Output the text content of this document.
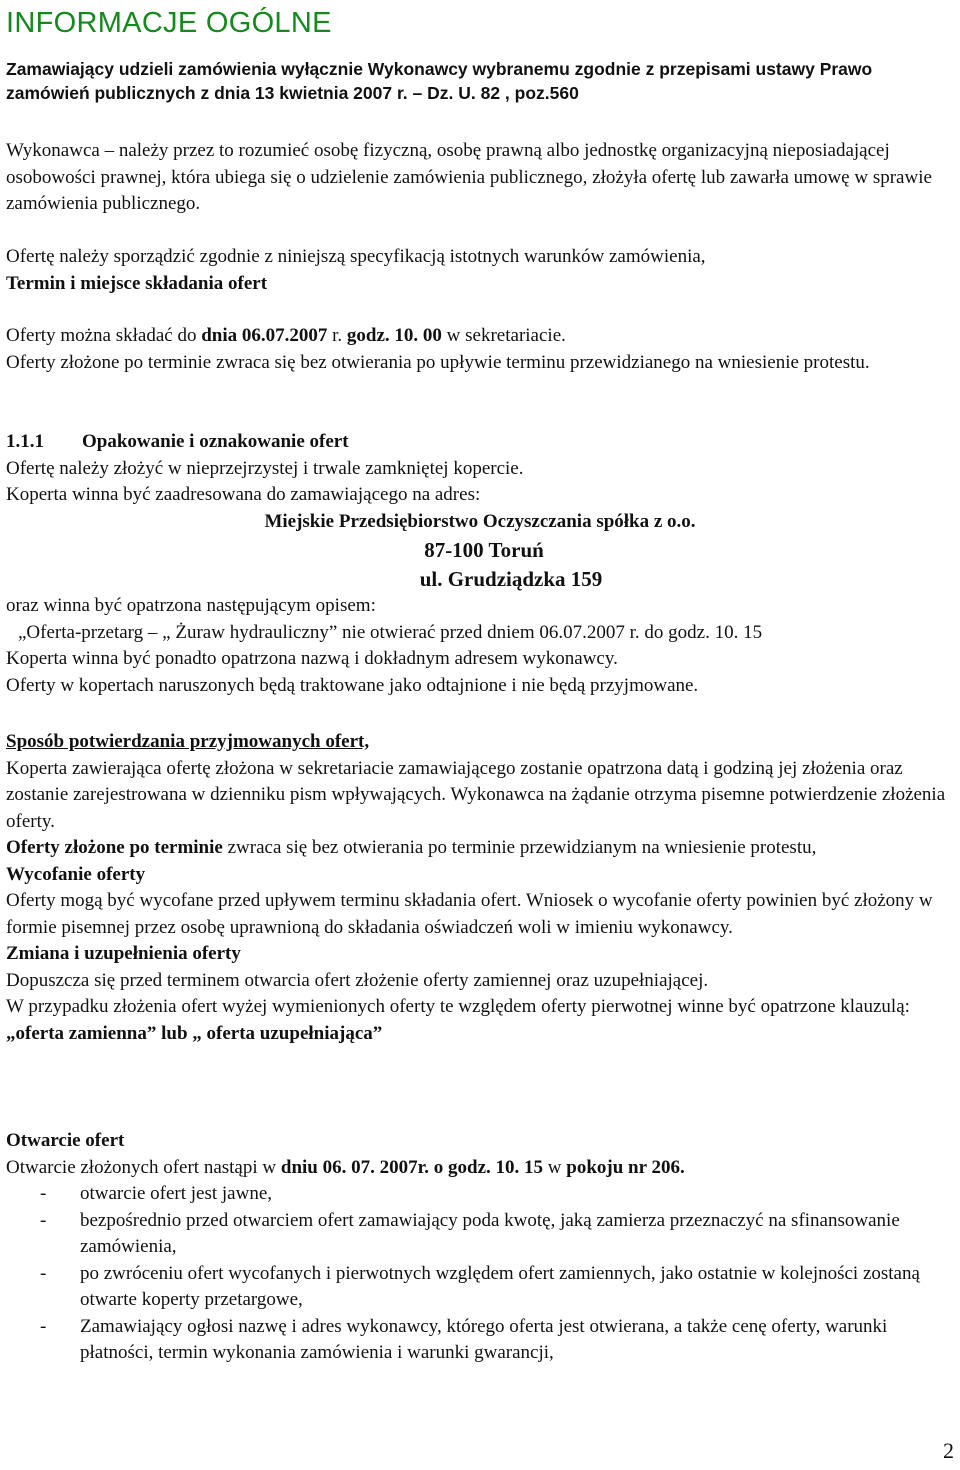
INFORMACJE OGÓLNE

Zamawiający udzieli zamówienia wyłącznie Wykonawcy wybranemu zgodnie z przepisami ustawy Prawo zamówień publicznych z dnia 13 kwietnia 2007 r. – Dz. U. 82 , poz.560

Wykonawca – należy przez to rozumieć osobę fizyczną, osobę prawną albo jednostkę organizacyjną nieposiadającej osobowości prawnej, która ubiega się o udzielenie zamówienia publicznego, złożyła ofertę lub zawarła umowę w sprawie zamówienia publicznego.

Ofertę należy sporządzić zgodnie z niniejszą specyfikacją istotnych warunków zamówienia,

Termin i miejsce składania ofert

Oferty można składać do dnia 06.07.2007 r. godz. 10. 00 w sekretariacie.

Oferty złożone po terminie zwraca się bez otwierania po upływie terminu przewidzianego na wniesienie protestu.

1.1.1 Opakowanie i oznakowanie ofert

Ofertę należy złożyć w nieprzejrzystej i trwale zamkniętej kopercie.

Koperta winna być zaadresowana do zamawiającego na adres:

Miejskie Przedsiębiorstwo Oczyszczania spółka z o.o.

87-100 Toruń

ul. Grudziądzka 159

oraz winna być opatrzona następującym opisem:

„Oferta-przetarg – „ Żuraw hydrauliczny” nie otwierać przed dniem 06.07.2007 r. do godz. 10. 15

Koperta winna być ponadto opatrzona nazwą i dokładnym adresem wykonawcy.

Oferty w kopertach naruszonych będą traktowane jako odtajnione i nie będą przyjmowane.

Sposób potwierdzania przyjmowanych ofert,

Koperta zawierająca ofertę złożona w sekretariacie zamawiającego zostanie opatrzona datą i godziną jej złożenia oraz zostanie zarejestrowana w dzienniku pism wpływających. Wykonawca na żądanie otrzyma pisemne potwierdzenie złożenia oferty.

Oferty złożone po terminie zwraca się bez otwierania po terminie przewidzianym na wniesienie protestu,

Wycofanie oferty

Oferty mogą być wycofane przed upływem terminu składania ofert. Wniosek o wycofanie oferty powinien być złożony w formie pisemnej przez osobę uprawnioną do składania oświadczeń woli w imieniu wykonawcy.

Zmiana i uzupełnienia oferty

Dopuszcza się przed terminem otwarcia ofert złożenie oferty zamiennej oraz uzupełniającej.

W przypadku złożenia ofert wyżej wymienionych oferty te względem oferty pierwotnej winne być opatrzone klauzulą: „oferta zamienna” lub „ oferta uzupełniająca”

Otwarcie ofert

Otwarcie złożonych ofert nastąpi w dniu 06. 07. 2007r. o godz. 10. 15 w pokoju nr 206.

- otwarcie ofert jest jawne,
- bezpośrednio przed otwarciem ofert zamawiający poda kwotę, jaką zamierza przeznaczyć na sfinansowanie zamówienia,
- po zwróceniu ofert wycofanych i pierwotnych względem ofert zamiennych, jako ostatnie w kolejności zostaną otwarte koperty przetargowe,
- Zamawiający ogłosi nazwę i adres wykonawcy, którego oferta jest otwierana, a także cenę oferty, warunki płatności, termin wykonania zamówienia i warunki gwarancji,
2
